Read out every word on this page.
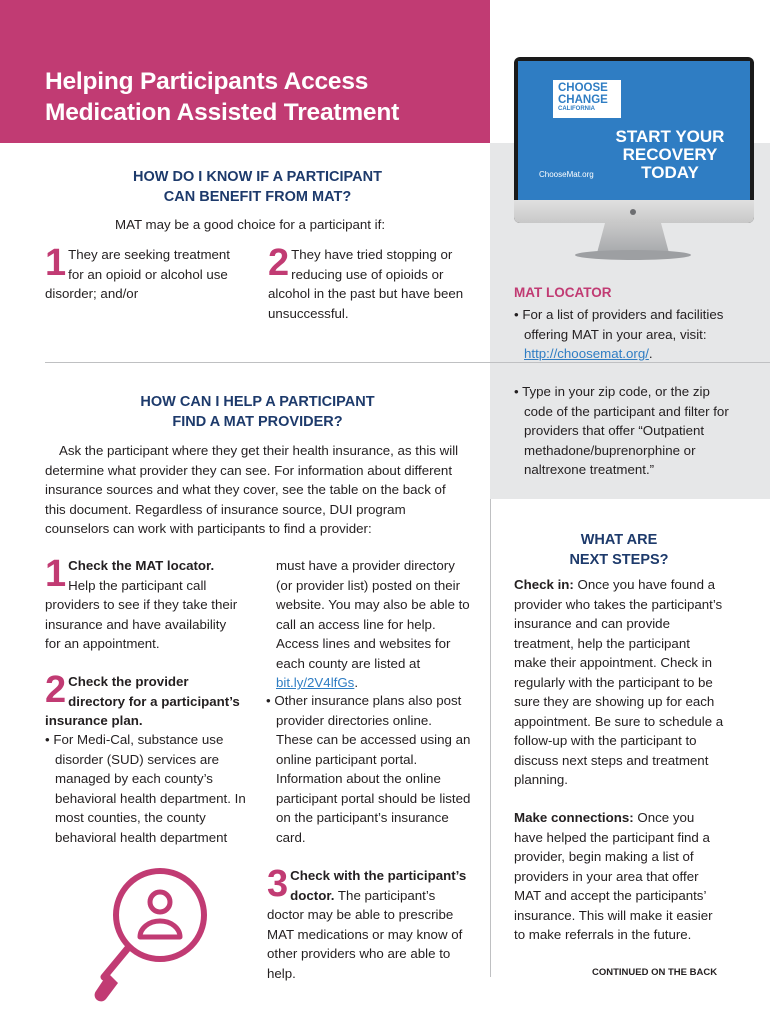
Helping Participants Access
Medication Assisted Treatment
CHOOSE
CHANGE
CALIFORNIA
ChooseMat.org
START YOUR
RECOVERY
TODAY
HOW DO I KNOW IF A PARTICIPANT
CAN BENEFIT FROM MAT?
MAT may be a good choice for a participant if:
1 They are seeking treatment for an opioid or alcohol use disorder; and/or
2 They have tried stopping or reducing use of opioids or alcohol in the past but have been unsuccessful.
MAT LOCATOR
• For a list of providers and facilities offering MAT in your area, visit: http://choosemat.org/.
• Type in your zip code, or the zip code of the participant and filter for providers that offer “Outpatient methadone/buprenorphine or naltrexone treatment.”
HOW CAN I HELP A PARTICIPANT
FIND A MAT PROVIDER?
Ask the participant where they get their health insurance, as this will determine what provider they can see. For information about different insurance sources and what they cover, see the table on the back of this document. Regardless of insurance source, DUI program counselors can work with participants to find a provider:
1 Check the MAT locator. Help the participant call providers to see if they take their insurance and have availability for an appointment.
2 Check the provider directory for a participant’s insurance plan.
• For Medi-Cal, substance use disorder (SUD) services are managed by each county’s behavioral health department. In most counties, the county behavioral health department
must have a provider directory (or provider list) posted on their website. You may also be able to call an access line for help. Access lines and websites for each county are listed at bit.ly/2V4lfGs.
• Other insurance plans also post provider directories online. These can be accessed using an online participant portal. Information about the online participant portal should be listed on the participant’s insurance card.
3 Check with the participant’s doctor. The participant’s doctor may be able to prescribe MAT medications or may know of other providers who are able to help.
WHAT ARE
NEXT STEPS?
Check in: Once you have found a provider who takes the participant’s insurance and can provide treatment, help the participant make their appointment. Check in regularly with the participant to be sure they are showing up for each appointment. Be sure to schedule a follow-up with the participant to discuss next steps and treatment planning.
Make connections: Once you have helped the participant find a provider, begin making a list of providers in your area that offer MAT and accept the participants’ insurance. This will make it easier to make referrals in the future.
CONTINUED ON THE BACK
